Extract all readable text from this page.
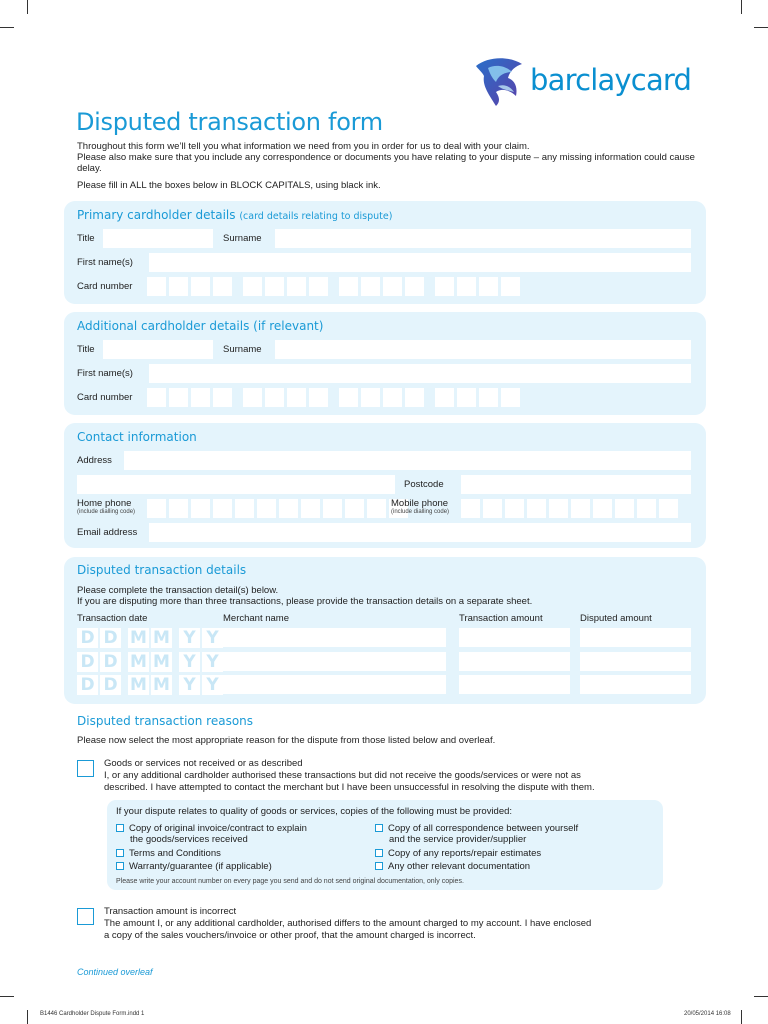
barclaycard
Disputed transaction form
Throughout this form we’ll tell you what information we need from you in order for us to deal with your claim.
Please also make sure that you include any correspondence or documents you have relating to your dispute – any missing information could cause delay.
Please fill in ALL the boxes below in BLOCK CAPITALS, using black ink.
Primary cardholder details (card details relating to dispute)
Title	Surname
First name(s)
Card number
Additional cardholder details (if relevant)
Title	Surname
First name(s)
Card number
Contact information
Address
Postcode
Home phone
(include dialling code)
Mobile phone
(include dialling code)
Email address
Disputed transaction details
Please complete the transaction detail(s) below.
If you are disputing more than three transactions, please provide the transaction details on a separate sheet.
Transaction date	Merchant name	Transaction amount	Disputed amount
D D M M Y Y
D D M M Y Y
D D M M Y Y
Disputed transaction reasons
Please now select the most appropriate reason for the dispute from those listed below and overleaf.
Goods or services not received or as described
I, or any additional cardholder authorised these transactions but did not receive the goods/services or were not as
described. I have attempted to contact the merchant but I have been unsuccessful in resolving the dispute with them.
If your dispute relates to quality of goods or services, copies of the following must be provided:
Copy of original invoice/contract to explain
the goods/services received
Terms and Conditions
Warranty/guarantee (if applicable)
Copy of all correspondence between yourself
and the service provider/supplier
Copy of any reports/repair estimates
Any other relevant documentation
Please write your account number on every page you send and do not send original documentation, only copies.
Transaction amount is incorrect
The amount I, or any additional cardholder, authorised differs to the amount charged to my account. I have enclosed
a copy of the sales vouchers/invoice or other proof, that the amount charged is incorrect.
Continued overleaf
B1446 Cardholder Dispute Form.indd 1	20/05/2014 16:08
